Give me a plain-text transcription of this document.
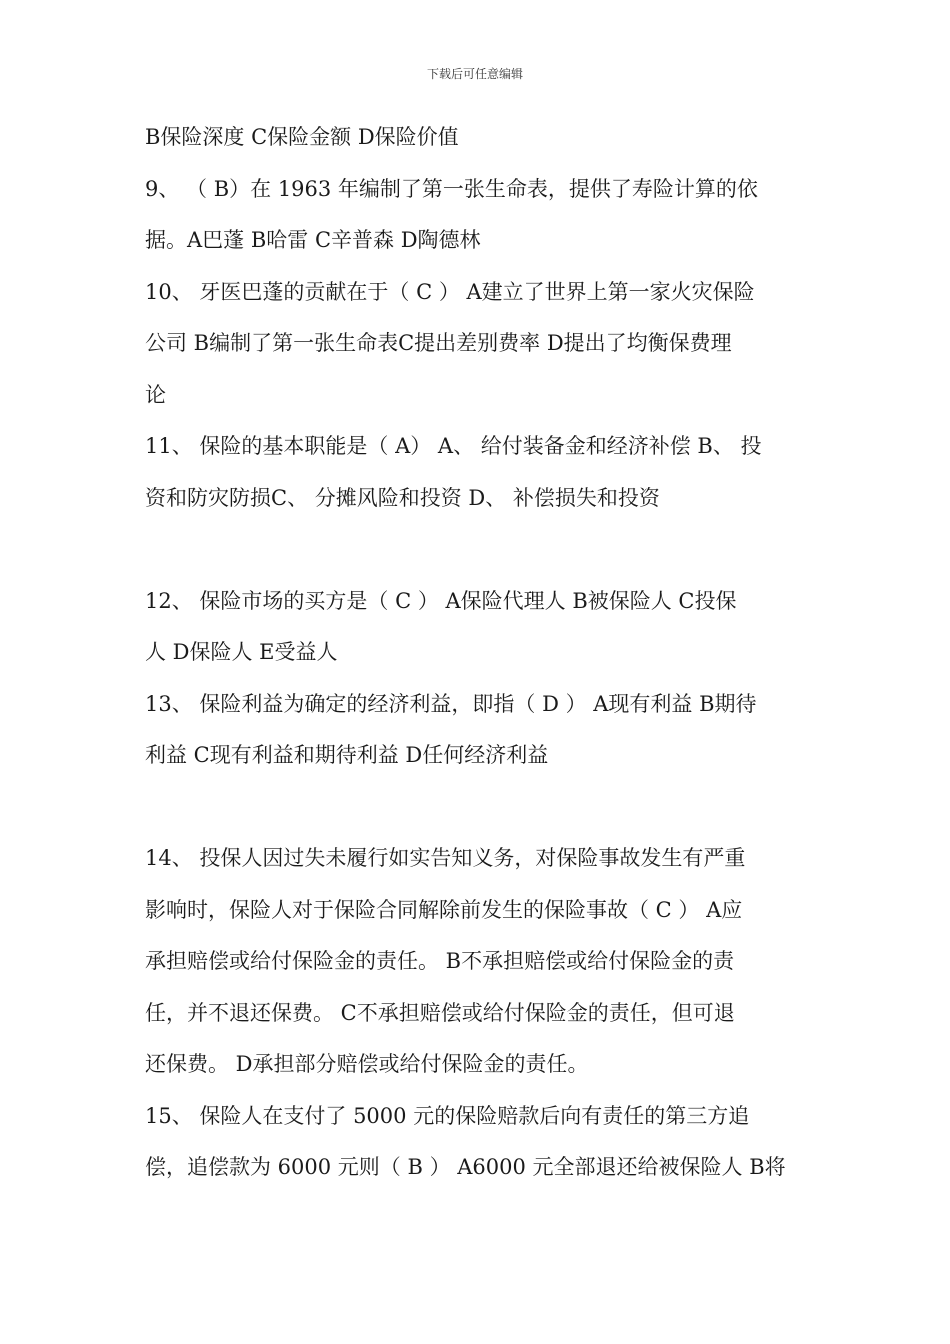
下载后可任意编辑
B保险深度 C保险金额 D保险价值
9、 （ B）在 1963 年编制了第一张生命表，提供了寿险计算的依
据。A巴蓬 B哈雷 C辛普森 D陶德林
10、 牙医巴蓬的贡献在于（ C ） A建立了世界上第一家火灾保险
公司 B编制了第一张生命表C提出差别费率 D提出了均衡保费理
论
11、 保险的基本职能是（ A） A、 给付装备金和经济补偿 B、 投
资和防灾防损C、 分摊风险和投资 D、 补偿损失和投资
12、 保险市场的买方是（ C ） A保险代理人 B被保险人 C投保
人 D保险人 E受益人
13、 保险利益为确定的经济利益，即指（ D ） A现有利益 B期待
利益 C现有利益和期待利益 D任何经济利益
14、 投保人因过失未履行如实告知义务，对保险事故发生有严重
影响时，保险人对于保险合同解除前发生的保险事故（ C ） A应
承担赔偿或给付保险金的责任。 B不承担赔偿或给付保险金的责
任，并不退还保费。 C不承担赔偿或给付保险金的责任，但可退
还保费。 D承担部分赔偿或给付保险金的责任。
15、 保险人在支付了 5000 元的保险赔款后向有责任的第三方追
偿，追偿款为 6000 元则（ B ） A6000 元全部退还给被保险人 B将
